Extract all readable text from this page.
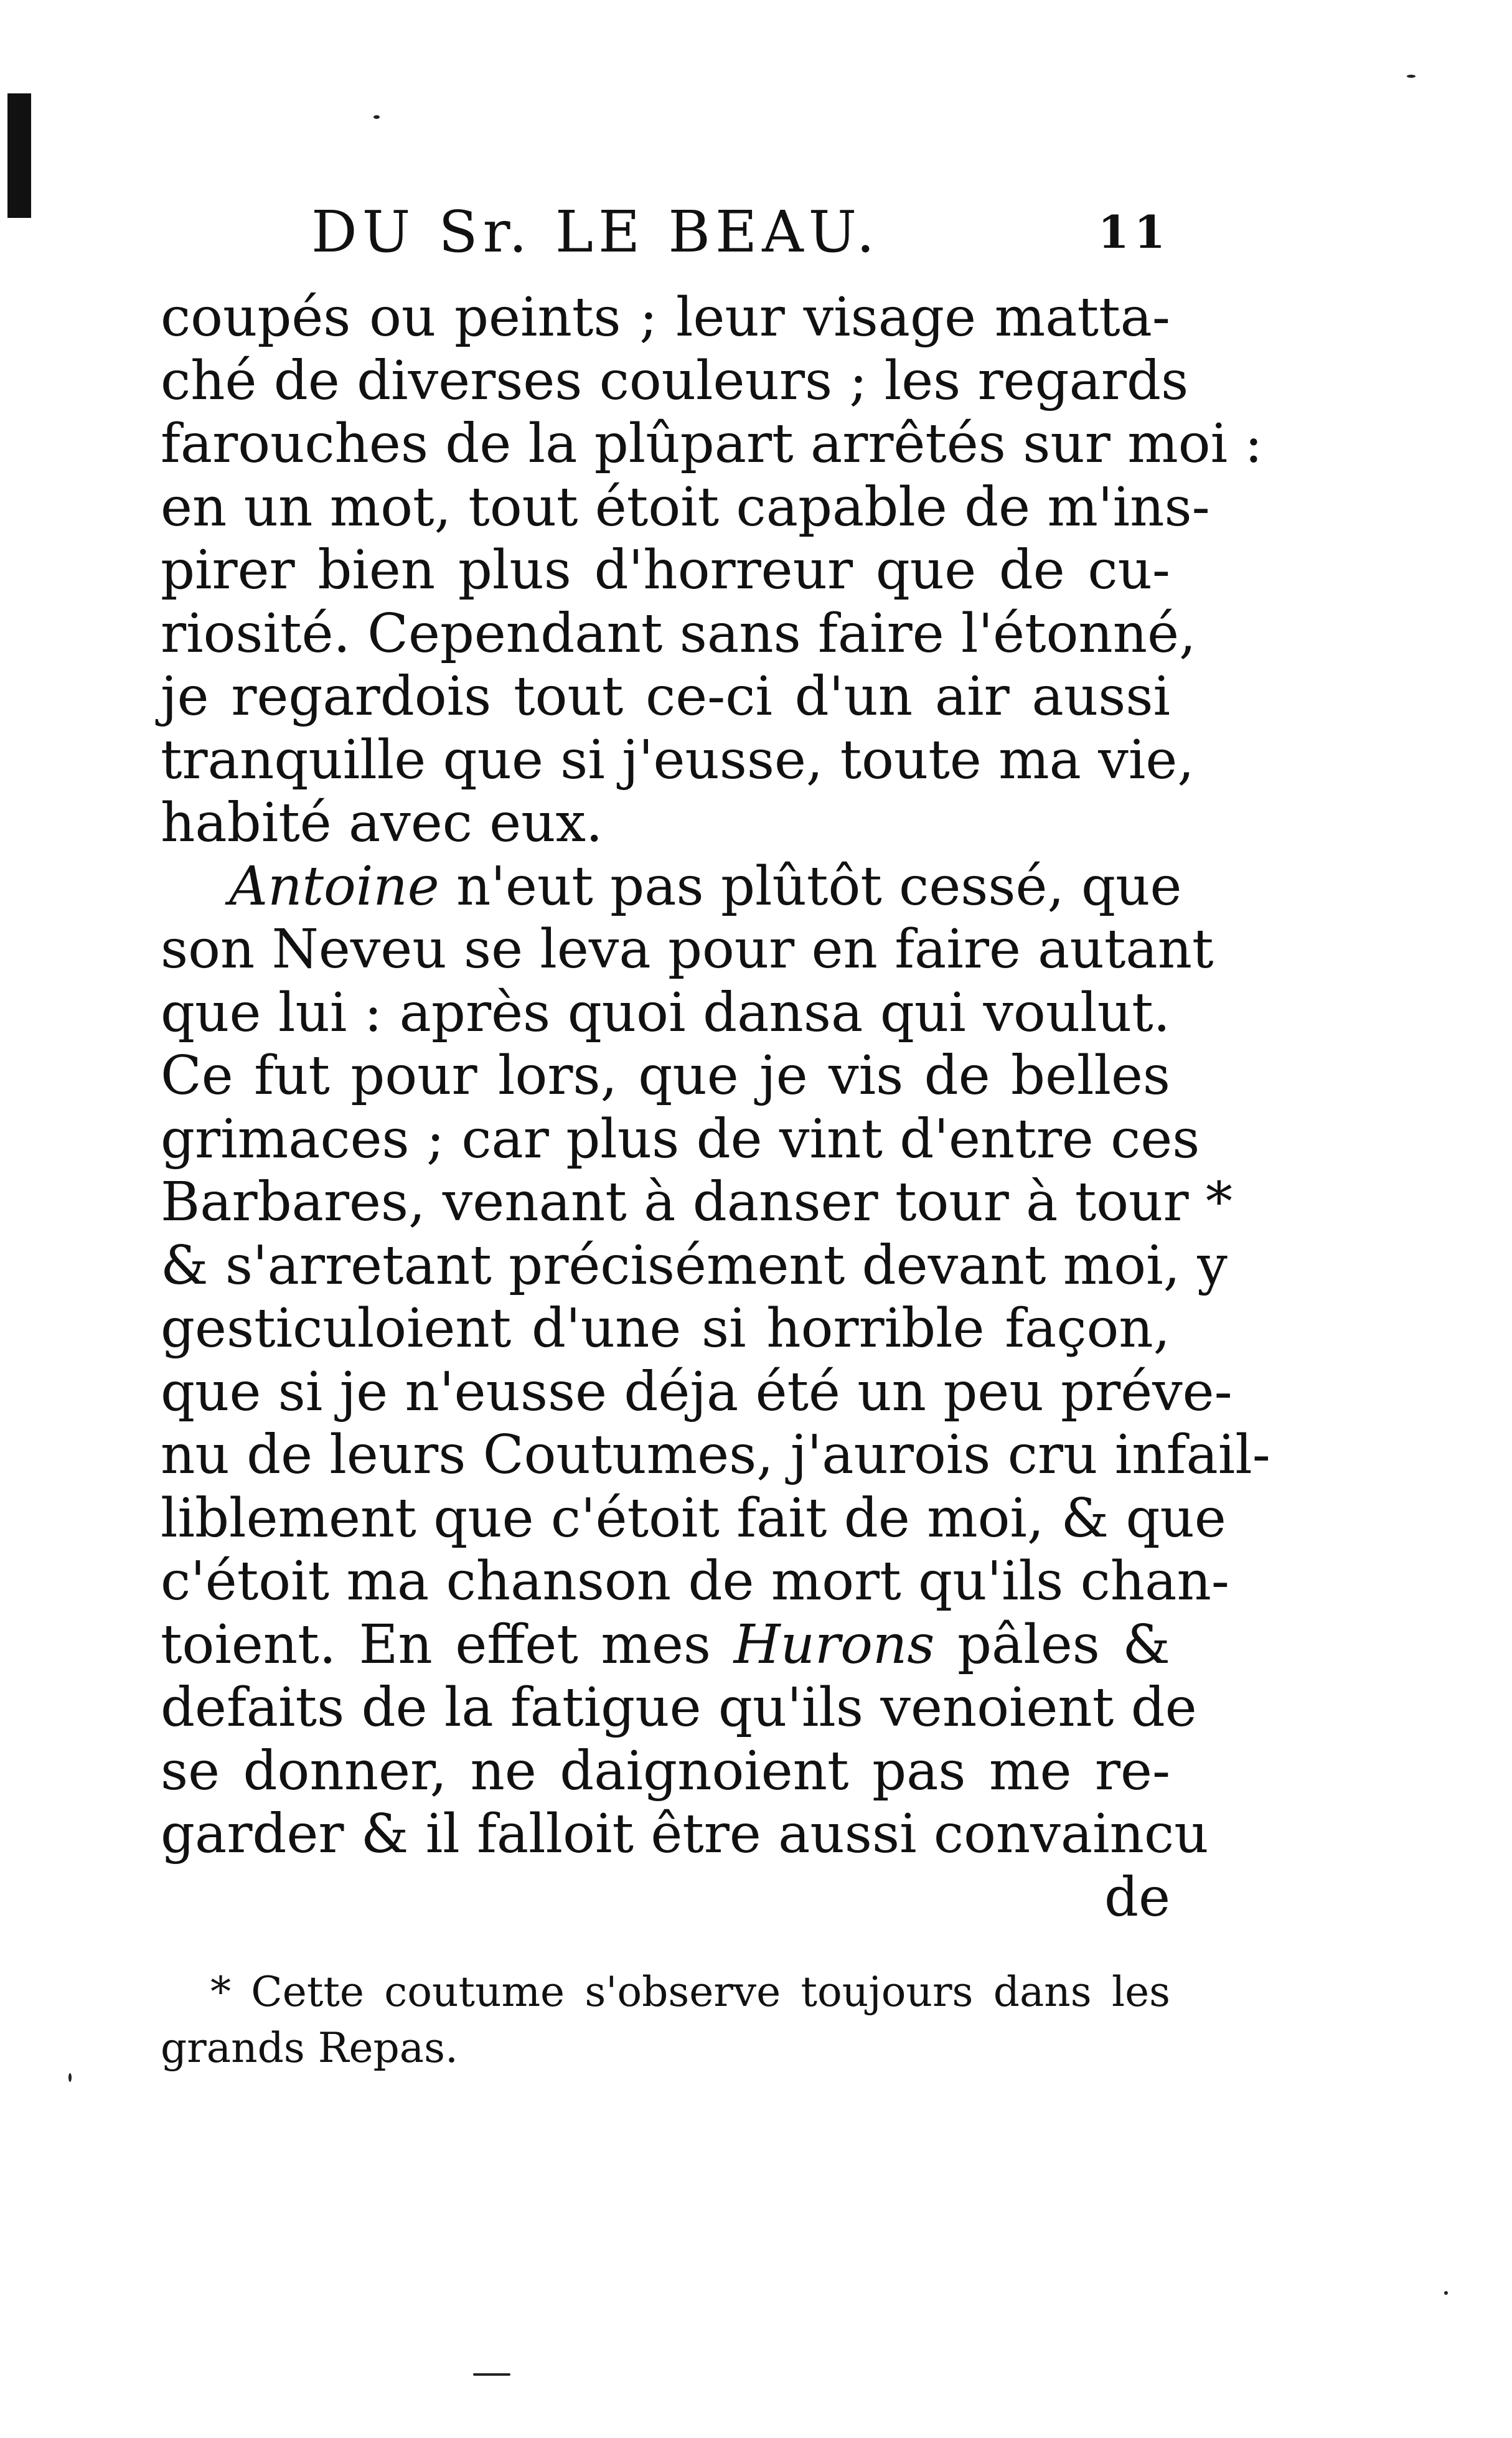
DU Sr. LE BEAU.	11
coupés ou peints ; leur visage matta-
ché de diverses couleurs ; les regards
farouches de la plûpart arrêtés sur moi :
en un mot, tout étoit capable de m'ins-
pirer bien plus d'horreur que de cu-
riosité. Cependant sans faire l'étonné,
je regardois tout ce-ci d'un air aussi
tranquille que si j'eusse, toute ma vie,
habité avec eux.
Antoine n'eut pas plûtôt cessé, que
son Neveu se leva pour en faire autant
que lui : après quoi dansa qui voulut.
Ce fut pour lors, que je vis de belles
grimaces ; car plus de vint d'entre ces
Barbares, venant à danser tour à tour *
& s'arretant précisément devant moi, y
gesticuloient d'une si horrible façon,
que si je n'eusse déja été un peu préve-
nu de leurs Coutumes, j'aurois cru infail-
liblement que c'étoit fait de moi, & que
c'étoit ma chanson de mort qu'ils chan-
toient. En effet mes Hurons pâles &
defaits de la fatigue qu'ils venoient de
se donner, ne daignoient pas me re-
garder & il falloit être aussi convaincu
de
* Cette coutume s'observe toujours dans les
grands Repas.
